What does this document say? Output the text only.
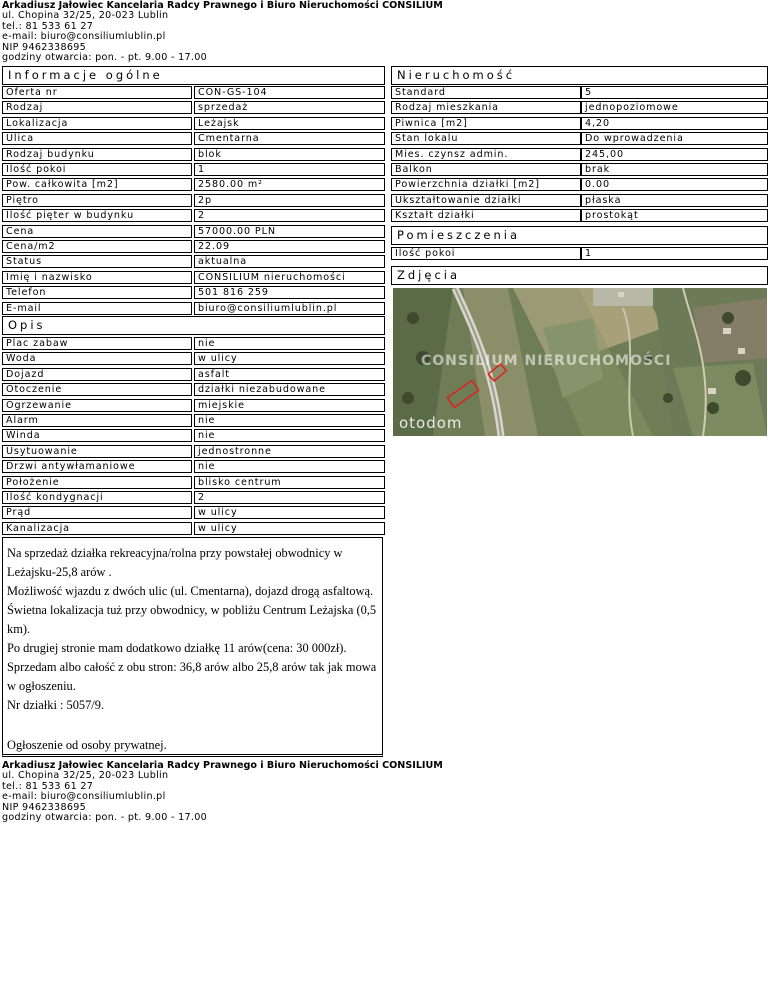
Arkadiusz Jałowiec Kancelaria Radcy Prawnego i Biuro Nieruchomości CONSILIUM
ul. Chopina 32/25, 20-023 Lublin
tel.: 81 533 61 27
e-mail: biuro@consiliumlublin.pl
NIP 9462338695
godziny otwarcia: pon. - pt. 9.00 - 17.00
Informacje ogólne	Nieruchomość
Pomieszczenia
Zdjęcia
Opis
Oferta nr	CON-GS-104
Rodzaj	sprzedaż
Lokalizacja	Leżajsk
Ulica	Cmentarna
Rodzaj budynku	blok
Ilość pokoi	1
Pow. całkowita [m2]	2580.00 m²
Piętro	2p
Ilość pięter w budynku	2
Cena	57000.00 PLN
Cena/m2	22.09
Status	aktualna
Imię i nazwisko	CONSILIUM nieruchomości
Telefon	501 816 259
E-mail	biuro@consiliumlublin.pl
Standard	5
Rodzaj mieszkania	jednopoziomowe
Piwnica [m2]	4,20
Stan lokalu	Do wprowadzenia
Mies. czynsz admin.	245,00
Balkon	brak
Powierzchnia działki [m2]	0.00
Ukształtowanie działki	płaska
Kształt działki	prostokąt
Ilość pokoi	1
Plac zabaw	nie
Woda	w ulicy
Dojazd	asfalt
Otoczenie	działki niezabudowane
Ogrzewanie	miejskie
Alarm	nie
Winda	nie
Usytuowanie	jednostronne
Drzwi antywłamaniowe	nie
Położenie	blisko centrum
Ilość kondygnacji	2
Prąd	w ulicy
Kanalizacja	w ulicy
CONSILIUM NIERUCHOMOŚCI
otodom

Na sprzedaż działka rekreacyjna/rolna przy powstałej obwodnicy w

Leżajsku-25,8 arów .

Możliwość wjazdu z dwóch ulic (ul. Cmentarna), dojazd drogą asfaltową.

Świetna lokalizacja tuż przy obwodnicy, w pobliżu Centrum Leżajska (0,5

km).

Po drugiej stronie mam dodatkowo działkę 11 arów(cena: 30 000zł).

Sprzedam albo całość z obu stron: 36,8 arów albo 25,8 arów tak jak mowa

w ogłoszeniu.

Nr działki : 5057/9.

Ogłoszenie od osoby prywatnej.
Arkadiusz Jałowiec Kancelaria Radcy Prawnego i Biuro Nieruchomości CONSILIUM
ul. Chopina 32/25, 20-023 Lublin
tel.: 81 533 61 27
e-mail: biuro@consiliumlublin.pl
NIP 9462338695
godziny otwarcia: pon. - pt. 9.00 - 17.00
